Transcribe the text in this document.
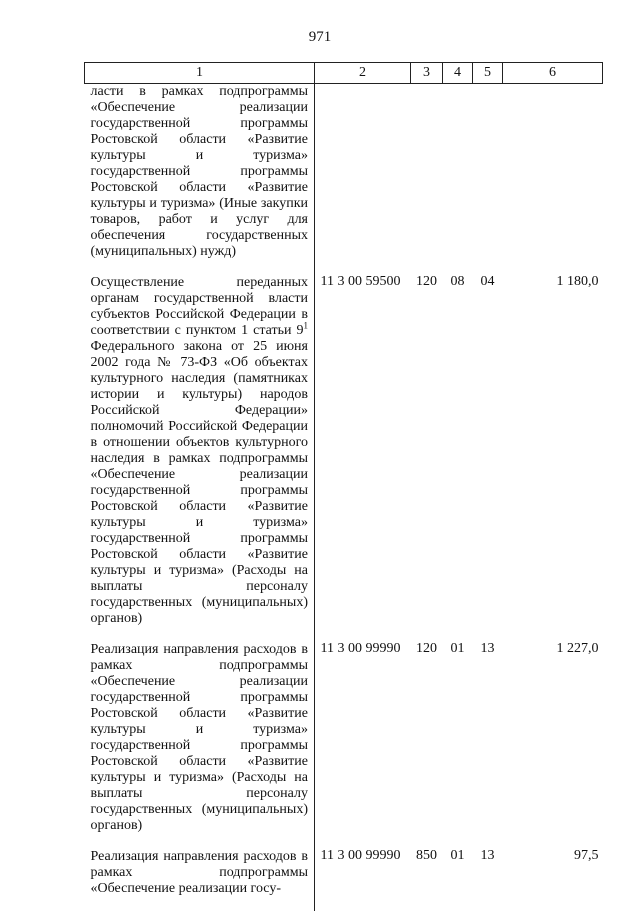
971
1	2	3	4	5	6
ласти в рамках подпрограммы «Обеспечение реализации государственной программы Ростовской области «Развитие культуры и туризма» государственной программы Ростовской области «Развитие культуры и туризма» (Иные закупки товаров, работ и услуг для обеспечения государственных (муниципальных) нужд)					
Осуществление переданных органам государственной власти субъектов Российской Федерации в соответствии с пунктом 1 статьи $9^1$ Федерального закона от 25 июня 2002 года № 73-ФЗ «Об объектах культурного наследия (памятниках истории и культуры) народов Российской Федерации» полномочий Российской Федерации в отношении объектов культурного наследия в рамках подпрограммы «Обеспечение реализации государственной программы Ростовской области «Развитие культуры и туризма» государственной программы Ростовской области «Развитие культуры и туризма» (Расходы на выплаты персоналу государственных (муниципальных) органов)	11 3 00 59500	120	08	04	1 180,0
Реализация направления расходов в рамках подпрограммы «Обеспечение реализации государственной программы Ростовской области «Развитие культуры и туризма» государственной программы Ростовской области «Развитие культуры и туризма» (Расходы на выплаты персоналу государственных (муниципальных) органов)	11 3 00 99990	120	01	13	1 227,0
Реализация направления расходов в рамках подпрограммы «Обеспечение реализации госу-	11 3 00 99990	850	01	13	97,5
